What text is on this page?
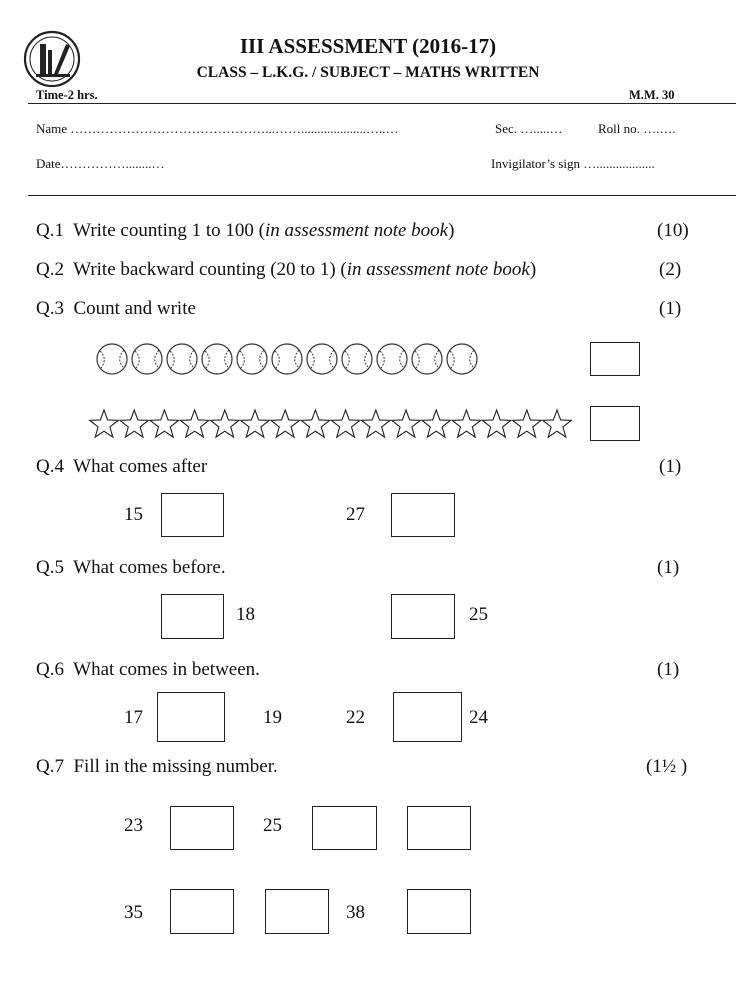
III ASSESSMENT (2016-17)
CLASS – L.K.G. / SUBJECT – MATHS WRITTEN
Time-2 hrs.	M.M. 30
Name ………………………………………...……....................…..…	Sec. ….....…	Roll no. ….….
Date……………........…	Invigilator’s sign …..................
Q.1 Write counting 1 to 100 (in assessment note book)	(10)
Q.2 Write backward counting (20 to 1) (in assessment note book)	(2)
Q.3 Count and write	(1)
Q.4 What comes after	(1)
15	27
Q.5 What comes before.	(1)
18	25
Q.6 What comes in between.	(1)
17	19	22	24
Q.7 Fill in the missing number.	(1½ )
23	25
35	38
